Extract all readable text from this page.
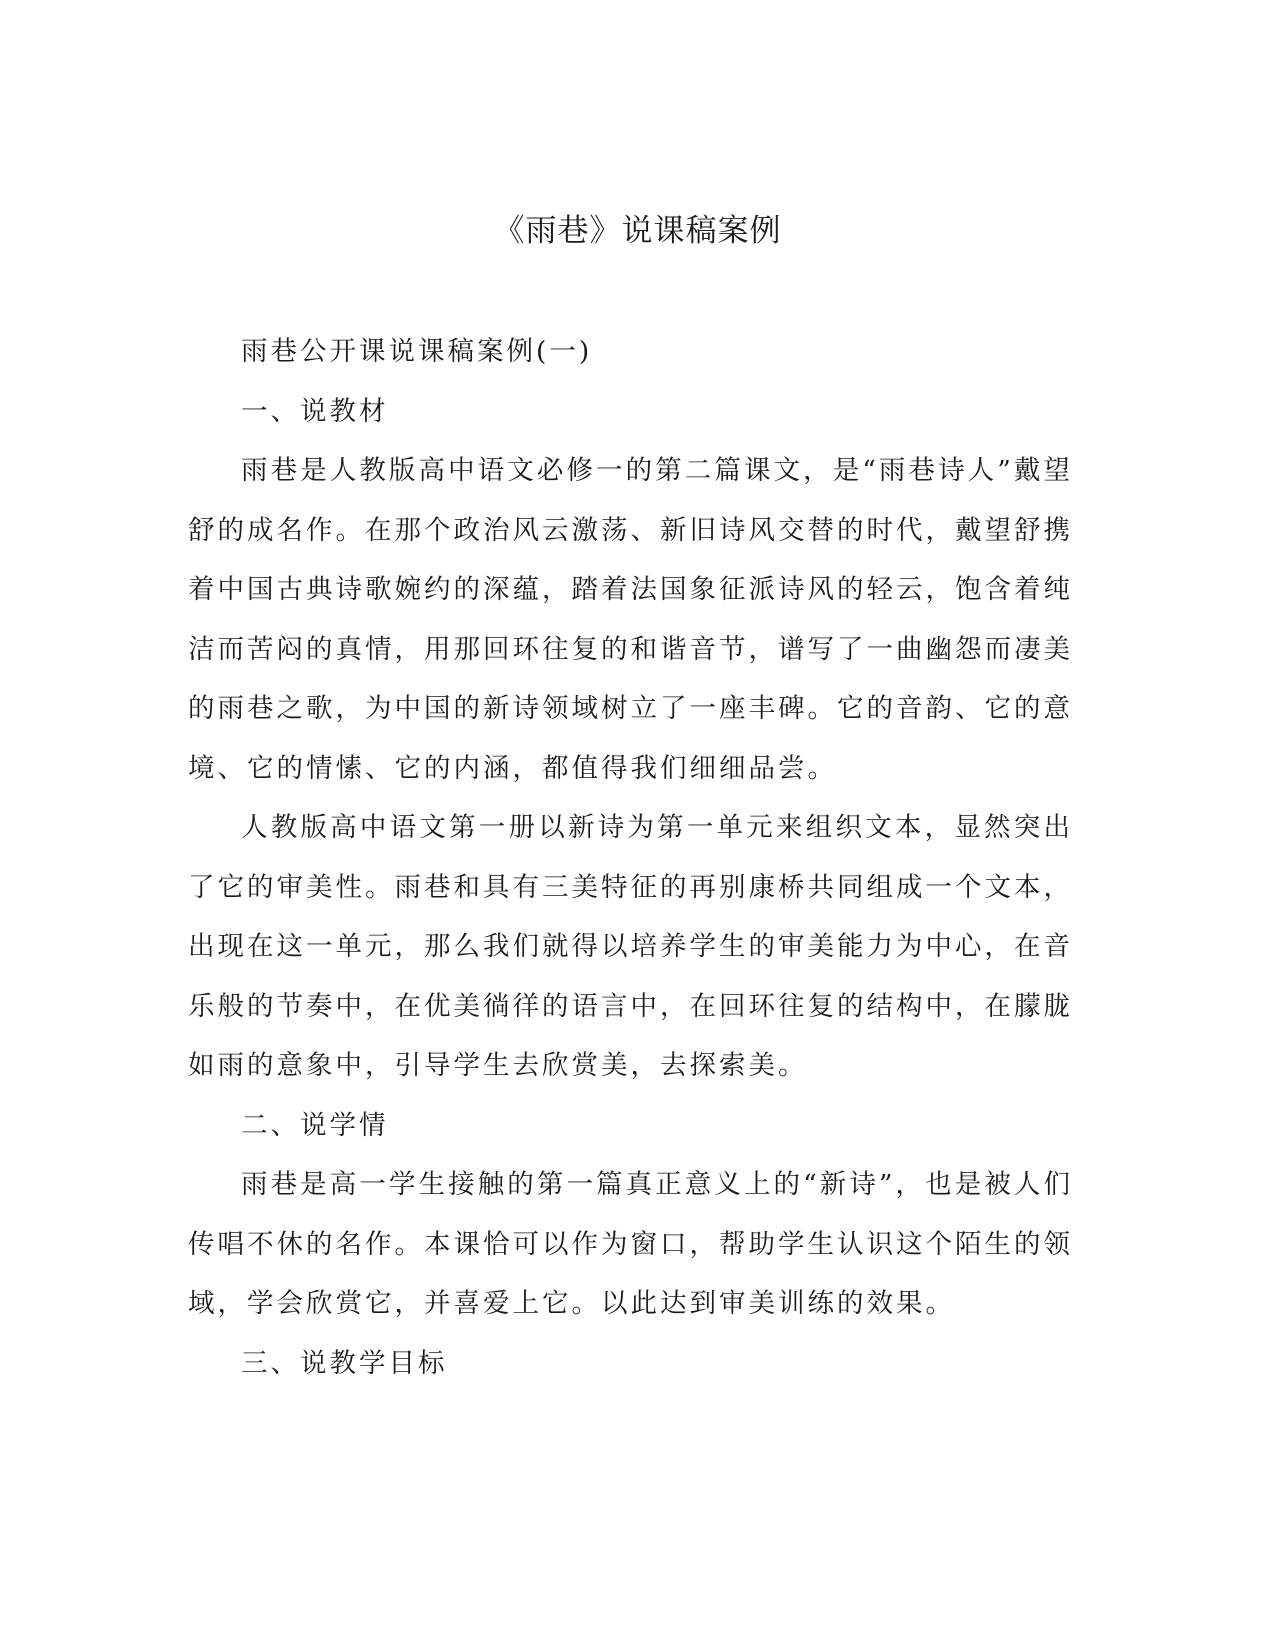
《雨巷》说课稿案例

雨巷公开课说课稿案例(一)

一、说教材

雨巷是人教版高中语文必修一的第二篇课文，是“雨巷诗人”戴望舒的成名作。在那个政治风云激荡、新旧诗风交替的时代，戴望舒携着中国古典诗歌婉约的深蕴，踏着法国象征派诗风的轻云，饱含着纯洁而苦闷的真情，用那回环往复的和谐音节，谱写了一曲幽怨而凄美的雨巷之歌，为中国的新诗领域树立了一座丰碑。它的音韵、它的意境、它的情愫、它的内涵，都值得我们细细品尝。

人教版高中语文第一册以新诗为第一单元来组织文本，显然突出了它的审美性。雨巷和具有三美特征的再别康桥共同组成一个文本，出现在这一单元，那么我们就得以培养学生的审美能力为中心，在音乐般的节奏中，在优美徜徉的语言中，在回环往复的结构中，在朦胧如雨的意象中，引导学生去欣赏美，去探索美。

二、说学情

雨巷是高一学生接触的第一篇真正意义上的“新诗”，也是被人们传唱不休的名作。本课恰可以作为窗口，帮助学生认识这个陌生的领域，学会欣赏它，并喜爱上它。以此达到审美训练的效果。

三、说教学目标
